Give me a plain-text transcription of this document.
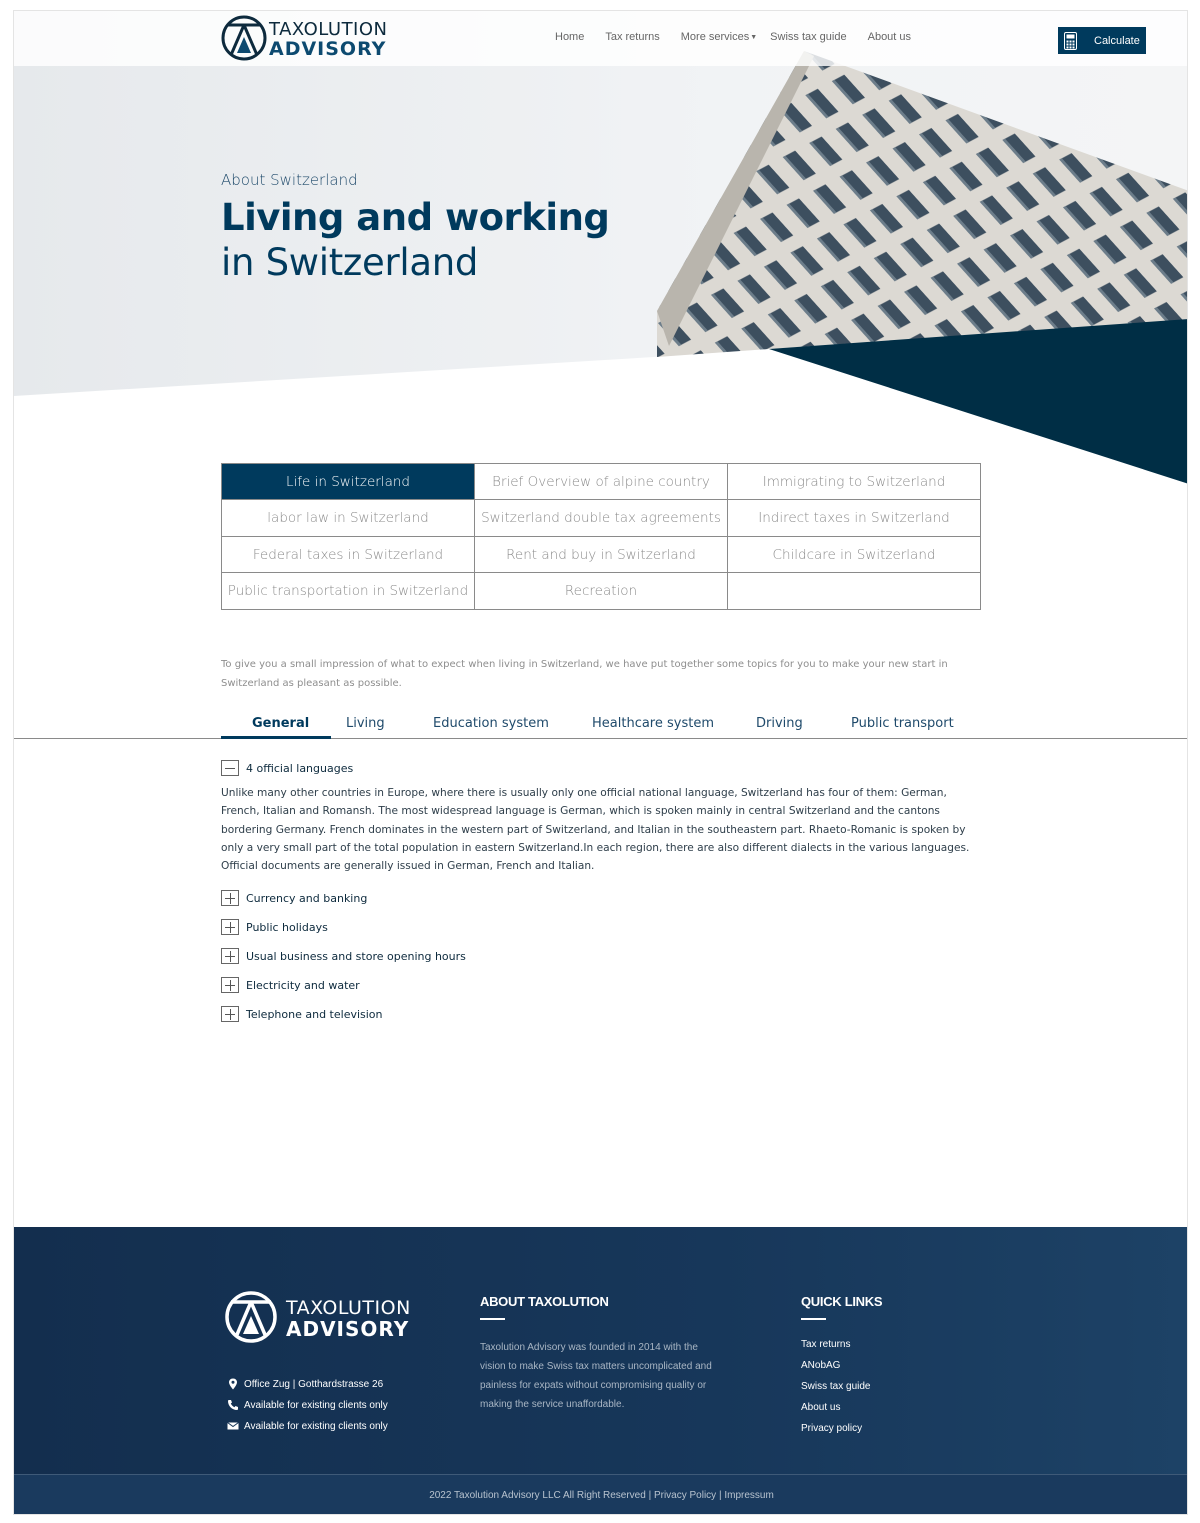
TAXOLUTION
ADVISORY
Home Tax returns More services▼ Swiss tax guide About us	Calculate
About Switzerland
Living and working
in Switzerland
Life in Switzerland	Brief Overview of alpine country	Immigrating to Switzerland
labor law in Switzerland	Switzerland double tax agreements	Indirect taxes in Switzerland
Federal taxes in Switzerland	Rent and buy in Switzerland	Childcare in Switzerland
Public transportation in Switzerland	Recreation
To give you a small impression of what to expect when living in Switzerland, we have put together some topics for you to make your new start in Switzerland as pleasant as possible.
General	Living	Education system	Healthcare system	Driving	Public transport
4 official languages
Unlike many other countries in Europe, where there is usually only one official national language, Switzerland has four of them: German, French, Italian and Romansh. The most widespread language is German, which is spoken mainly in central Switzerland and the cantons bordering Germany. French dominates in the western part of Switzerland, and Italian in the southeastern part. Rhaeto-Romanic is spoken by only a very small part of the total population in eastern Switzerland.In each region, there are also different dialects in the various languages. Official documents are generally issued in German, French and Italian.
Currency and banking
Public holidays
Usual business and store opening hours
Electricity and water
Telephone and television
TAXOLUTION
ADVISORY
Office Zug | Gotthardstrasse 26
Available for existing clients only
Available for existing clients only
ABOUT TAXOLUTION
Taxolution Advisory was founded in 2014 with the vision to make Swiss tax matters uncomplicated and painless for expats without compromising quality or making the service unaffordable.
QUICK LINKS
Tax returns
ANobAG
Swiss tax guide
About us
Privacy policy
2022 Taxolution Advisory LLC All Right Reserved | Privacy Policy | Impressum
